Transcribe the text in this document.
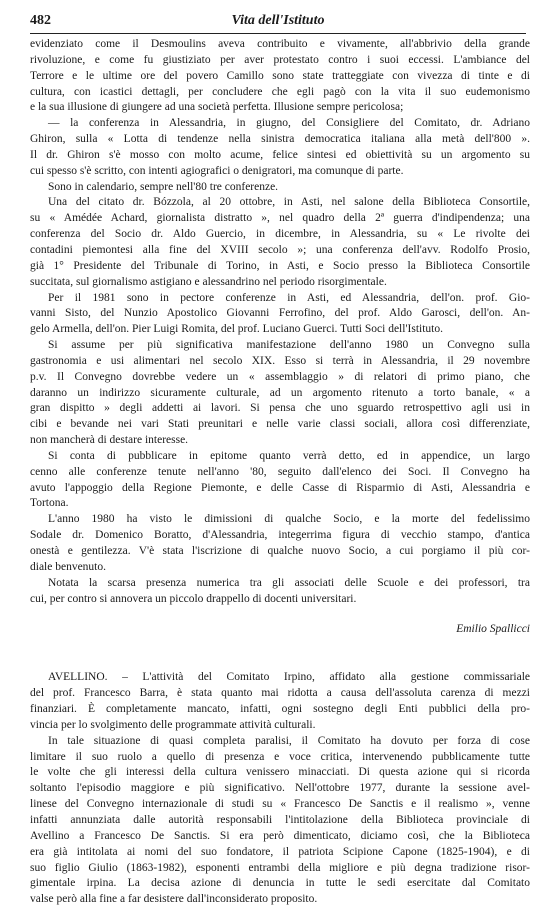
482	Vita dell'Istituto
evidenziato come il Desmoulins aveva contribuito e vivamente, all'abbrivio della grande
rivoluzione, e come fu giustiziato per aver protestato contro i suoi eccessi. L'ambiance del
Terrore e le ultime ore del povero Camillo sono state tratteggiate con vivezza di tinte e di
cultura, con icastici dettagli, per concludere che egli pagò con la vita il suo eudemonismo
e la sua illusione di giungere ad una società perfetta. Illusione sempre pericolosa;
— la conferenza in Alessandria, in giugno, del Consigliere del Comitato, dr. Adriano
Ghiron, sulla « Lotta di tendenze nella sinistra democratica italiana alla metà dell'800 ».
Il dr. Ghiron s'è mosso con molto acume, felice sintesi ed obiettività su un argomento su
cui spesso s'è scritto, con intenti agiografici o denigratori, ma comunque di parte.
Sono in calendario, sempre nell'80 tre conferenze.
Una del citato dr. Bózzola, al 20 ottobre, in Asti, nel salone della Biblioteca Consortile,
su « Amédée Achard, giornalista distratto », nel quadro della 2ª guerra d'indipendenza; una
conferenza del Socio dr. Aldo Guercio, in dicembre, in Alessandria, su « Le rivolte dei
contadini piemontesi alla fine del XVIII secolo »; una conferenza dell'avv. Rodolfo Prosio,
già 1° Presidente del Tribunale di Torino, in Asti, e Socio presso la Biblioteca Consortile
succitata, sul giornalismo astigiano e alessandrino nel periodo risorgimentale.
Per il 1981 sono in pectore conferenze in Asti, ed Alessandria, dell'on. prof. Gio-
vanni Sisto, del Nunzio Apostolico Giovanni Ferrofino, del prof. Aldo Garosci, dell'on. An-
gelo Armella, dell'on. Pier Luigi Romita, del prof. Luciano Guerci. Tutti Soci dell'Istituto.
Si assume per più significativa manifestazione dell'anno 1980 un Convegno sulla
gastronomia e usi alimentari nel secolo XIX. Esso si terrà in Alessandria, il 29 novembre
p.v. Il Convegno dovrebbe vedere un « assemblaggio » di relatori di primo piano, che
daranno un indirizzo sicuramente culturale, ad un argomento ritenuto a torto banale, « a
gran dispitto » degli addetti ai lavori. Si pensa che uno sguardo retrospettivo agli usi in
cibi e bevande nei vari Stati preunitari e nelle varie classi sociali, allora così differenziate,
non mancherà di destare interesse.
Si conta di pubblicare in epitome quanto verrà detto, ed in appendice, un largo
cenno alle conferenze tenute nell'anno '80, seguito dall'elenco dei Soci. Il Convegno ha
avuto l'appoggio della Regione Piemonte, e delle Casse di Risparmio di Asti, Alessandria e
Tortona.
L'anno 1980 ha visto le dimissioni di qualche Socio, e la morte del fedelissimo
Sodale dr. Domenico Boratto, d'Alessandria, integerrima figura di vecchio stampo, d'antica
onestà e gentilezza. V'è stata l'iscrizione di qualche nuovo Socio, a cui porgiamo il più cor-
diale benvenuto.
Notata la scarsa presenza numerica tra gli associati delle Scuole e dei professori, tra
cui, per contro si annovera un piccolo drappello di docenti universitari.
Emilio Spallicci
AVELLINO. – L'attività del Comitato Irpino, affidato alla gestione commissariale
del prof. Francesco Barra, è stata quanto mai ridotta a causa dell'assoluta carenza di mezzi
finanziari. È completamente mancato, infatti, ogni sostegno degli Enti pubblici della pro-
vincia per lo svolgimento delle programmate attività culturali.
In tale situazione di quasi completa paralisi, il Comitato ha dovuto per forza di cose
limitare il suo ruolo a quello di presenza e voce critica, intervenendo pubblicamente tutte
le volte che gli interessi della cultura venissero minacciati. Di questa azione qui si ricorda
soltanto l'episodio maggiore e più significativo. Nell'ottobre 1977, durante la sessione avel-
linese del Convegno internazionale di studi su « Francesco De Sanctis e il realismo », venne
infatti annunziata dalle autorità responsabili l'intitolazione della Biblioteca provinciale di
Avellino a Francesco De Sanctis. Si era però dimenticato, diciamo così, che la Biblioteca
era già intitolata ai nomi del suo fondatore, il patriota Scipione Capone (1825-1904), e di
suo figlio Giulio (1863-1982), esponenti entrambi della migliore e più degna tradizione risor-
gimentale irpina. La decisa azione di denuncia in tutte le sedi esercitate dal Comitato
valse però alla fine a far desistere dall'inconsiderato proposito.
